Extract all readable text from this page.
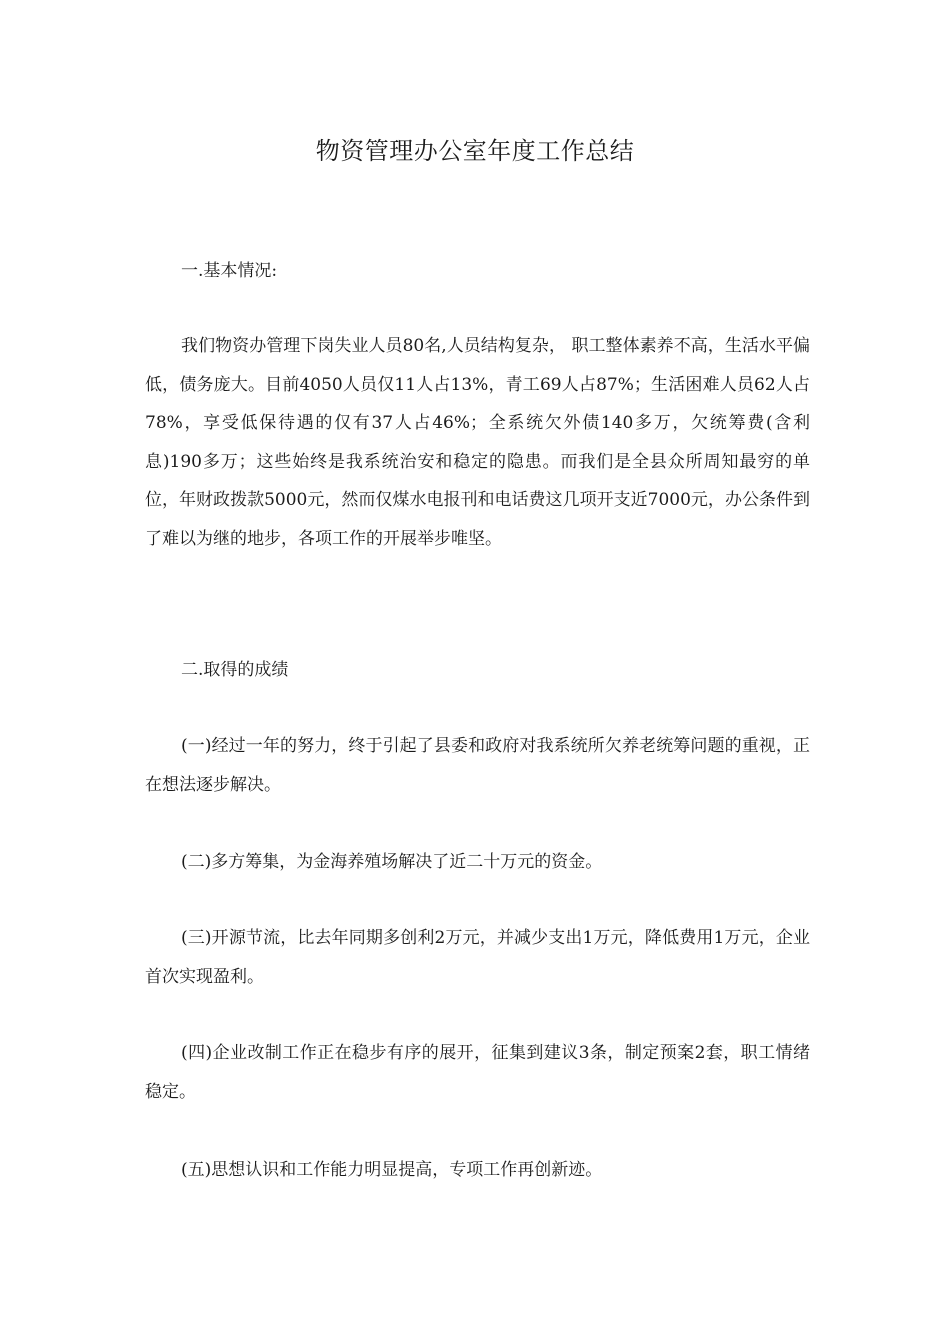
物资管理办公室年度工作总结
一.基本情况:
我们物资办管理下岗失业人员80名,人员结构复杂， 职工整体素养不高，生活水平偏低，债务庞大。目前4050人员仅11人占13%，青工69人占87%；生活困难人员62人占78%，享受低保待遇的仅有37人占46%；全系统欠外债140多万，欠统筹费(含利息)190多万；这些始终是我系统治安和稳定的隐患。而我们是全县众所周知最穷的单位，年财政拨款5000元，然而仅煤水电报刊和电话费这几项开支近7000元，办公条件到了难以为继的地步，各项工作的开展举步唯坚。
二.取得的成绩
(一)经过一年的努力，终于引起了县委和政府对我系统所欠养老统筹问题的重视，正在想法逐步解决。
(二)多方筹集，为金海养殖场解决了近二十万元的资金。
(三)开源节流，比去年同期多创利2万元，并减少支出1万元，降低费用1万元，企业首次实现盈利。
(四)企业改制工作正在稳步有序的展开，征集到建议3条，制定预案2套，职工情绪稳定。
(五)思想认识和工作能力明显提高，专项工作再创新迹。
